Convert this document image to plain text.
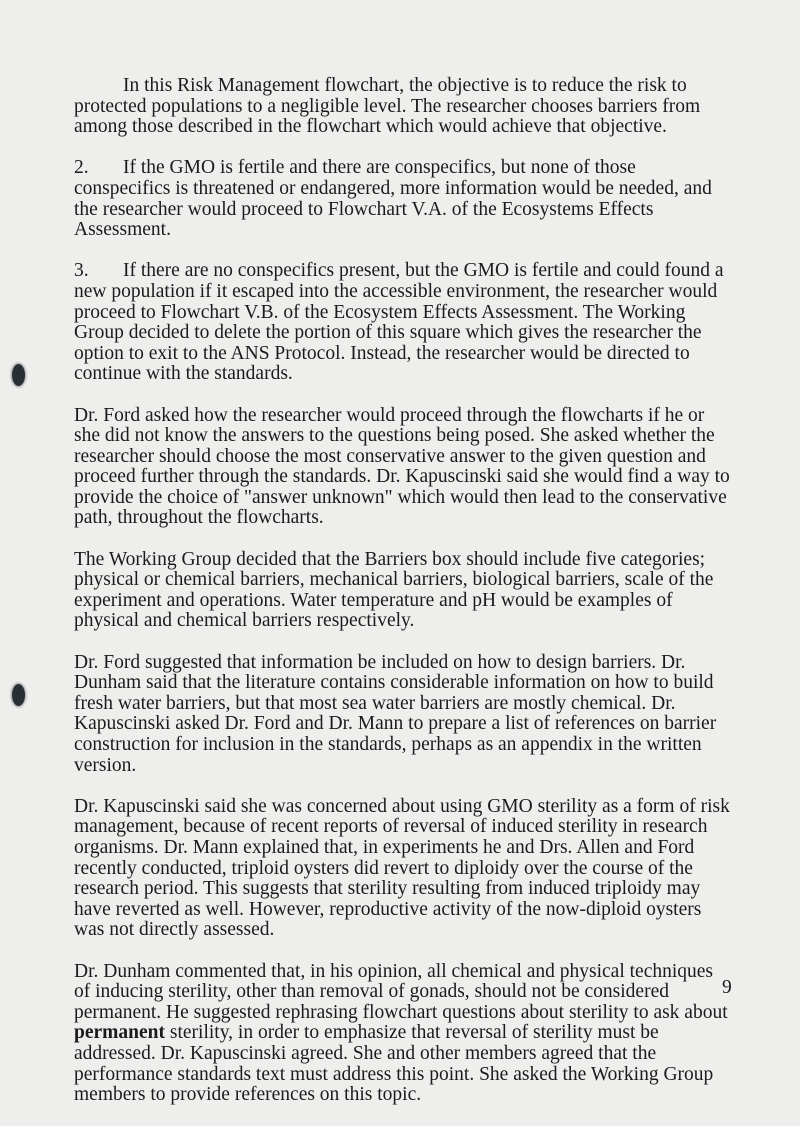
In this Risk Management flowchart, the objective is to reduce the risk to protected populations to a negligible level. The researcher chooses barriers from among those described in the flowchart which would achieve that objective.

2. If the GMO is fertile and there are conspecifics, but none of those conspecifics is threatened or endangered, more information would be needed, and the researcher would proceed to Flowchart V.A. of the Ecosystems Effects Assessment.

3. If there are no conspecifics present, but the GMO is fertile and could found a new population if it escaped into the accessible environment, the researcher would proceed to Flowchart V.B. of the Ecosystem Effects Assessment. The Working Group decided to delete the portion of this square which gives the researcher the option to exit to the ANS Protocol. Instead, the researcher would be directed to continue with the standards.

Dr. Ford asked how the researcher would proceed through the flowcharts if he or she did not know the answers to the questions being posed. She asked whether the researcher should choose the most conservative answer to the given question and proceed further through the standards. Dr. Kapuscinski said she would find a way to provide the choice of "answer unknown" which would then lead to the conservative path, throughout the flowcharts.

The Working Group decided that the Barriers box should include five categories; physical or chemical barriers, mechanical barriers, biological barriers, scale of the experiment and operations. Water temperature and pH would be examples of physical and chemical barriers respectively.

Dr. Ford suggested that information be included on how to design barriers. Dr. Dunham said that the literature contains considerable information on how to build fresh water barriers, but that most sea water barriers are mostly chemical. Dr. Kapuscinski asked Dr. Ford and Dr. Mann to prepare a list of references on barrier construction for inclusion in the standards, perhaps as an appendix in the written version.

Dr. Kapuscinski said she was concerned about using GMO sterility as a form of risk management, because of recent reports of reversal of induced sterility in research organisms. Dr. Mann explained that, in experiments he and Drs. Allen and Ford recently conducted, triploid oysters did revert to diploidy over the course of the research period. This suggests that sterility resulting from induced triploidy may have reverted as well. However, reproductive activity of the now-diploid oysters was not directly assessed.

Dr. Dunham commented that, in his opinion, all chemical and physical techniques of inducing sterility, other than removal of gonads, should not be considered permanent. He suggested rephrasing flowchart questions about sterility to ask about permanent sterility, in order to emphasize that reversal of sterility must be addressed. Dr. Kapuscinski agreed. She and other members agreed that the performance standards text must address this point. She asked the Working Group members to provide references on this topic.

9
